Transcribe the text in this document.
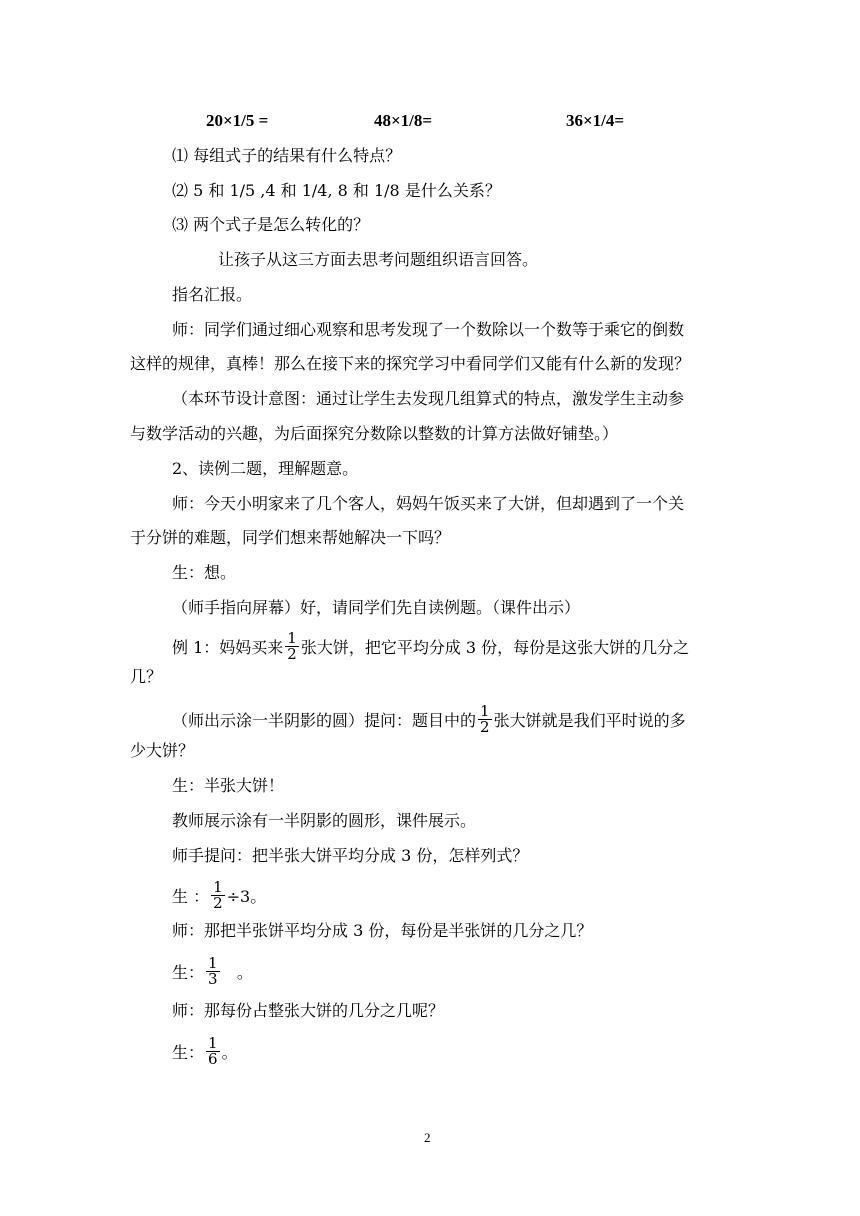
20×1/5 =	48×1/8=	36×1/4=
⑴ 每组式子的结果有什么特点？
⑵ 5 和 1/5 ,4 和 1/4, 8 和 1/8 是什么关系？
⑶ 两个式子是怎么转化的？
让孩子从这三方面去思考问题组织语言回答。
指名汇报。
师：同学们通过细心观察和思考发现了一个数除以一个数等于乘它的倒数
这样的规律，真棒！那么在接下来的探究学习中看同学们又能有什么新的发现？
（本环节设计意图：通过让学生去发现几组算式的特点，激发学生主动参
与数学活动的兴趣，为后面探究分数除以整数的计算方法做好铺垫。）
2、读例二题，理解题意。
师：今天小明家来了几个客人，妈妈午饭买来了大饼，但却遇到了一个关
于分饼的难题，同学们想来帮她解决一下吗？
生：想。
（师手指向屏幕）好，请同学们先自读例题。（课件出示）
例 1：妈妈买来 $\frac{1}{2}$ 张大饼，把它平均分成 3 份，每份是这张大饼的几分之
几？
（师出示涂一半阴影的圆）提问：题目中的 $\frac{1}{2}$ 张大饼就是我们平时说的多
少大饼？
生：半张大饼！
教师展示涂有一半阴影的圆形，课件展示。
师手提问：把半张大饼平均分成 3 份，怎样列式？
生 ： $\frac{1}{2} \div 3$。
师：那把半张饼平均分成 3 份，每份是半张饼的几分之几？
生： $\frac{1}{3}$ 。
师：那每份占整张大饼的几分之几呢？
生： $\frac{1}{6}$ 。
2
